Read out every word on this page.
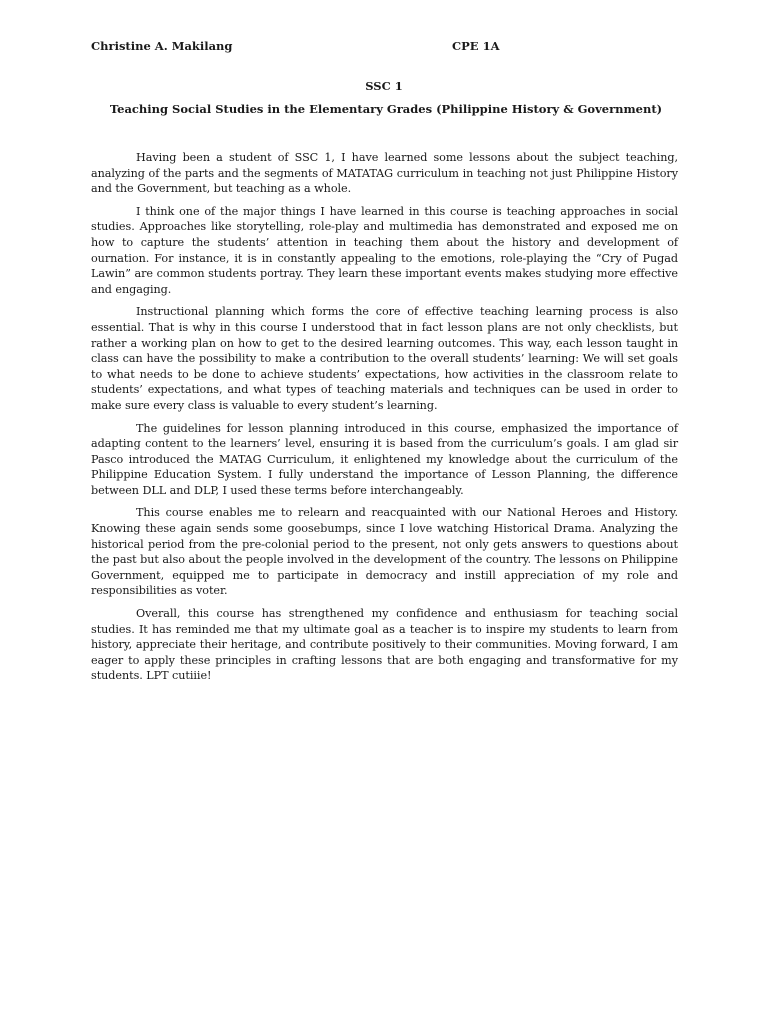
Christine A. Makilang	CPE 1A
SSC 1
Teaching Social Studies in the Elementary Grades (Philippine History & Government)

Having been a student of SSC 1, I have learned some lessons about the subject teaching, analyzing of the parts and the segments of MATATAG curriculum in teaching not just Philippine History and the Government, but teaching as a whole.

I think one of the major things I have learned in this course is teaching approaches in social studies. Approaches like storytelling, role-play and multimedia has demonstrated and exposed me on how to capture the students’ attention in teaching them about the history and development of ournation. For instance, it is in constantly appealing to the emotions, role-playing the “Cry of Pugad Lawin” are common students portray. They learn these important events makes studying more effective and engaging.

Instructional planning which forms the core of effective teaching learning process is also essential. That is why in this course I understood that in fact lesson plans are not only checklists, but rather a working plan on how to get to the desired learning outcomes. This way, each lesson taught in class can have the possibility to make a contribution to the overall students’ learning: We will set goals to what needs to be done to achieve students’ expectations, how activities in the classroom relate to students’ expectations, and what types of teaching materials and techniques can be used in order to make sure every class is valuable to every student’s learning.

The guidelines for lesson planning introduced in this course, emphasized the importance of adapting content to the learners’ level, ensuring it is based from the curriculum’s goals. I am glad sir Pasco introduced the MATAG Curriculum, it enlightened my knowledge about the curriculum of the Philippine Education System. I fully understand the importance of Lesson Planning, the difference between DLL and DLP, I used these terms before interchangeably.

This course enables me to relearn and reacquainted with our National Heroes and History. Knowing these again sends some goosebumps, since I love watching Historical Drama. Analyzing the historical period from the pre-colonial period to the present, not only gets answers to questions about the past but also about the people involved in the development of the country. The lessons on Philippine Government, equipped me to participate in democracy and instill appreciation of my role and responsibilities as voter.

Overall, this course has strengthened my confidence and enthusiasm for teaching social studies. It has reminded me that my ultimate goal as a teacher is to inspire my students to learn from history, appreciate their heritage, and contribute positively to their communities. Moving forward, I am eager to apply these principles in crafting lessons that are both engaging and transformative for my students. LPT cutiiie!
